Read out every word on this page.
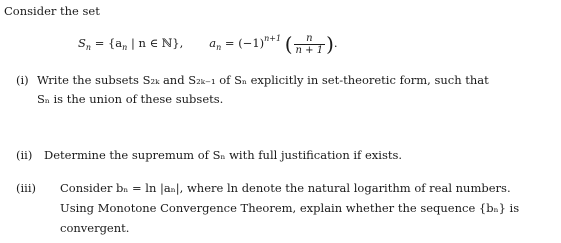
Consider the set
$S_n = \{a_n$ | n ∈ ℕ}, $a_n = (-1)^{n+1}$ ( $\frac{n}{n + 1}$ ).
(i) Write the subsets S₂ₖ and S₂ₖ₋₁ of Sₙ explicitly in set-theoretic form, such that
Sₙ is the union of these subsets.
(ii) Determine the supremum of Sₙ with full justification if exists.
(iii) Consider bₙ = ln |aₙ|, where ln denote the natural logarithm of real numbers.
Using Monotone Convergence Theorem, explain whether the sequence {bₙ} is
convergent.
